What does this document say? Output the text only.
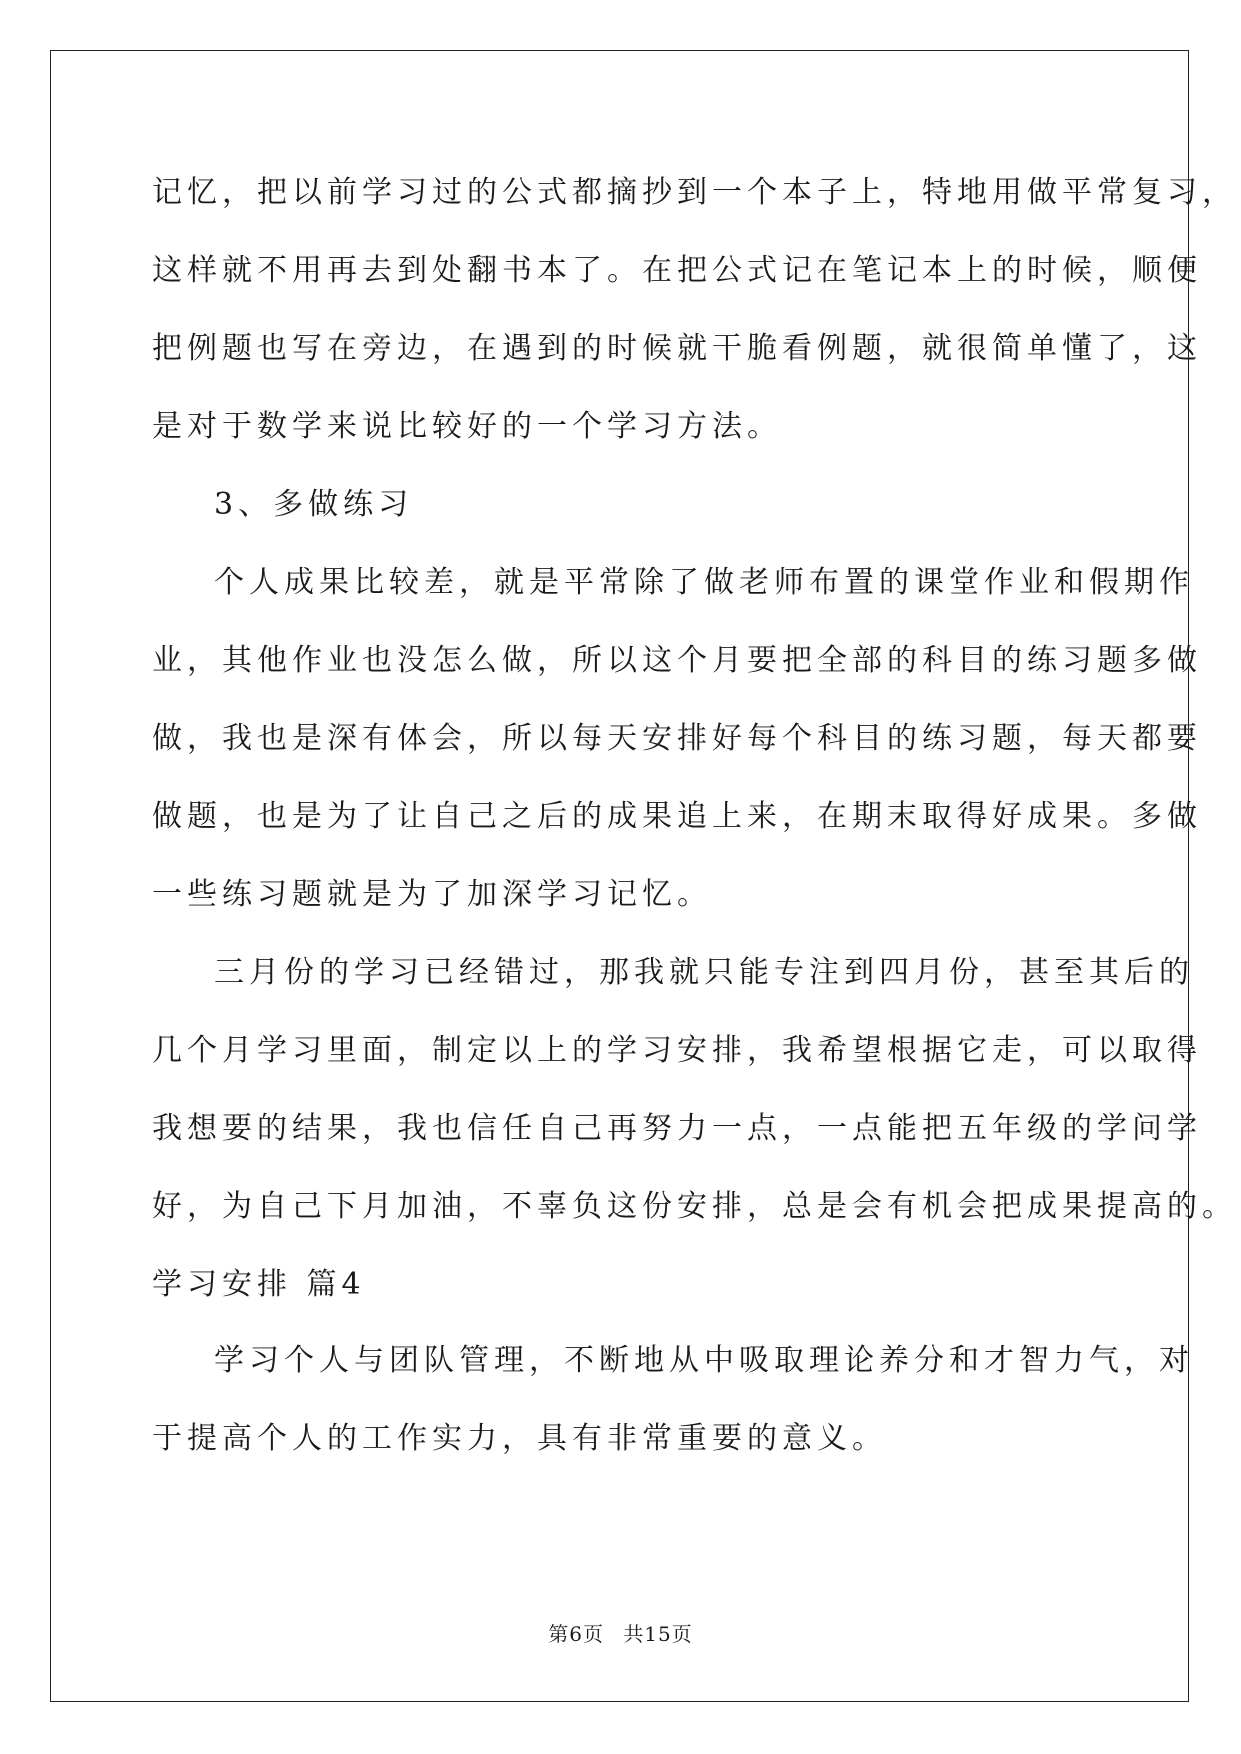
记忆，把以前学习过的公式都摘抄到一个本子上，特地用做平常复习，
这样就不用再去到处翻书本了。在把公式记在笔记本上的时候，顺便
把例题也写在旁边，在遇到的时候就干脆看例题，就很简单懂了，这
是对于数学来说比较好的一个学习方法。
3、多做练习
个人成果比较差，就是平常除了做老师布置的课堂作业和假期作
业，其他作业也没怎么做，所以这个月要把全部的科目的练习题多做
做，我也是深有体会，所以每天安排好每个科目的练习题，每天都要
做题，也是为了让自己之后的成果追上来，在期末取得好成果。多做
一些练习题就是为了加深学习记忆。
三月份的学习已经错过，那我就只能专注到四月份，甚至其后的
几个月学习里面，制定以上的学习安排，我希望根据它走，可以取得
我想要的结果，我也信任自己再努力一点，一点能把五年级的学问学
好，为自己下月加油，不辜负这份安排，总是会有机会把成果提高的。
学习安排 篇4
学习个人与团队管理，不断地从中吸取理论养分和才智力气，对
于提高个人的工作实力，具有非常重要的意义。
第6页 共15页
